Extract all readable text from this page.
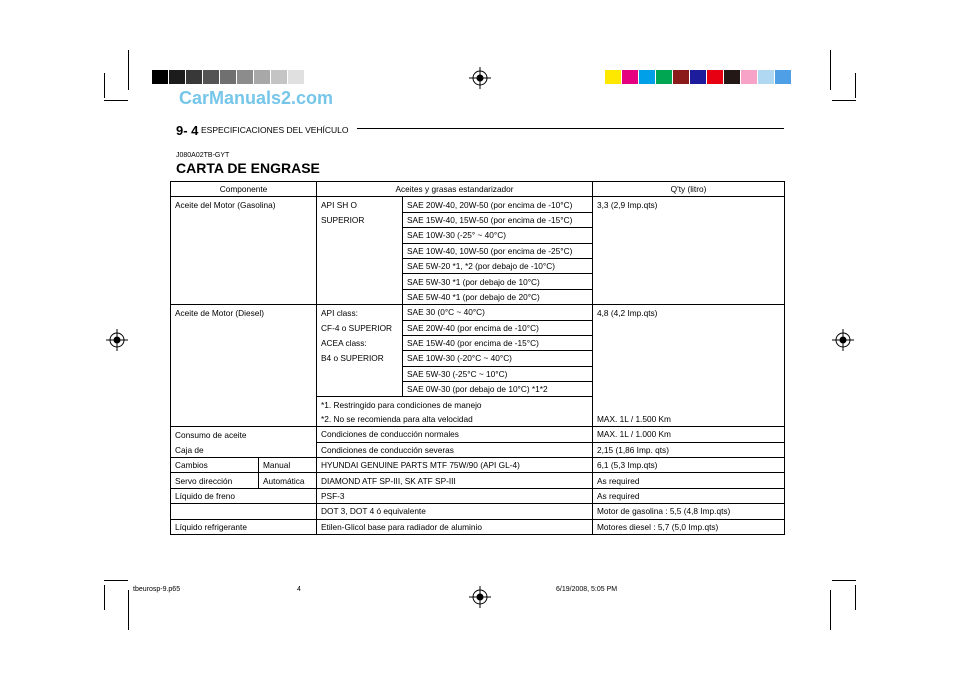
CarManuals2.com
9- 4 ESPECIFICACIONES DEL VEHÍCULO
J080A02TB-GYT
CARTA DE ENGRASE
Componente		Aceites y grasas estandarizador		Q'ty (litro)
Aceite del Motor (Gasolina)		API SH O	SAE 20W-40, 20W-50 (por encima de -10°C)	3,3 (2,9 Imp.qts)
		SUPERIOR	SAE 15W-40, 15W-50 (por encima de -15°C)	
			SAE 10W-30 (-25° ~ 40°C)	
			SAE 10W-40, 10W-50 (por encima de -25°C)	
			SAE 5W-20 *1, *2 (por debajo de -10°C)	
			SAE 5W-30 *1 (por debajo de 10°C)	
			SAE 5W-40 *1 (por debajo de 20°C)	
Aceite de Motor (Diesel)		API class:	SAE 30 (0°C ~ 40°C)	4,8 (4,2 Imp.qts)
		CF-4 o SUPERIOR	SAE 20W-40 (por encima de -10°C)	
		ACEA class:	SAE 15W-40 (por encima de -15°C)	
		B4 o SUPERIOR	SAE 10W-30 (-20°C ~ 40°C)	
			SAE 5W-30 (-25°C ~ 10°C)	
			SAE 0W-30 (por debajo de 10°C) *1*2	
		*1. Restringido para condiciones de manejo		
		*2. No se recomienda para alta velocidad		MAX. 1L / 1.500 Km
Consumo de aceite		Condiciones de conducción normales		MAX. 1L / 1.000 Km
Caja de		Condiciones de conducción severas		2,15 (1,86 Imp. qts)
Cambios	Manual	HYUNDAI GENUINE PARTS MTF 75W/90 (API GL-4)		6,1 (5,3 Imp.qts)
Servo dirección	Automática	DIAMOND ATF SP-III, SK ATF SP-III		As required
Líquido de freno		PSF-3		As required
		DOT 3, DOT 4 ó equivalente		Motor de gasolina : 5,5 (4,8 Imp.qts)
Líquido refrigerante		Etilen-Glicol base para radiador de aluminio		Motores diesel : 5,7 (5,0 Imp.qts)
tbeurosp-9.p65	4	6/19/2008, 5:05 PM
